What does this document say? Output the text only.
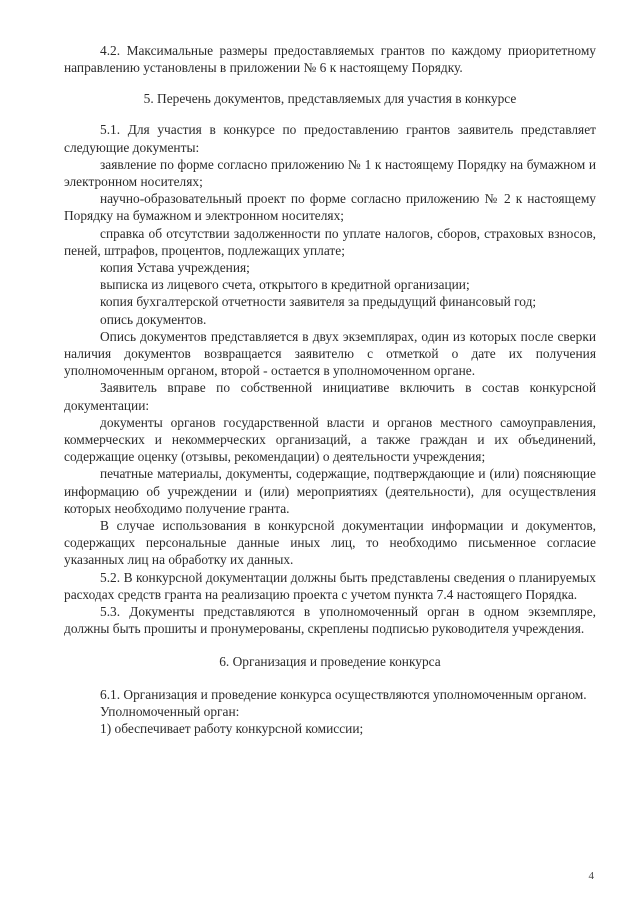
4.2. Максимальные размеры предоставляемых грантов по каждому приоритетному направлению установлены в приложении № 6 к настоящему Порядку.

5. Перечень документов, представляемых для участия в конкурсе

5.1. Для участия в конкурсе по предоставлению грантов заявитель представляет следующие документы:

заявление по форме согласно приложению № 1 к настоящему Порядку на бумажном и электронном носителях;

научно-образовательный проект по форме согласно приложению № 2 к настоящему Порядку на бумажном и электронном носителях;

справка об отсутствии задолженности по уплате налогов, сборов, страховых взносов, пеней, штрафов, процентов, подлежащих уплате;

копия Устава учреждения;

выписка из лицевого счета, открытого в кредитной организации;

копия бухгалтерской отчетности заявителя за предыдущий финансовый год;

опись документов.

Опись документов представляется в двух экземплярах, один из которых после сверки наличия документов возвращается заявителю с отметкой о дате их получения уполномоченным органом, второй - остается в уполномоченном органе.

Заявитель вправе по собственной инициативе включить в состав конкурсной документации:

документы органов государственной власти и органов местного самоуправления, коммерческих и некоммерческих организаций, а также граждан и их объединений, содержащие оценку (отзывы, рекомендации) о деятельности учреждения;

печатные материалы, документы, содержащие, подтверждающие и (или) поясняющие информацию об учреждении и (или) мероприятиях (деятельности), для осуществления которых необходимо получение гранта.

В случае использования в конкурсной документации информации и документов, содержащих персональные данные иных лиц, то необходимо письменное согласие указанных лиц на обработку их данных.

5.2. В конкурсной документации должны быть представлены сведения о планируемых расходах средств гранта на реализацию проекта с учетом пункта 7.4 настоящего Порядка.

5.3. Документы представляются в уполномоченный орган в одном экземпляре, должны быть прошиты и пронумерованы, скреплены подписью руководителя учреждения.

6. Организация и проведение конкурса

6.1. Организация и проведение конкурса осуществляются уполномоченным органом.

Уполномоченный орган:

1) обеспечивает работу конкурсной комиссии;

4
